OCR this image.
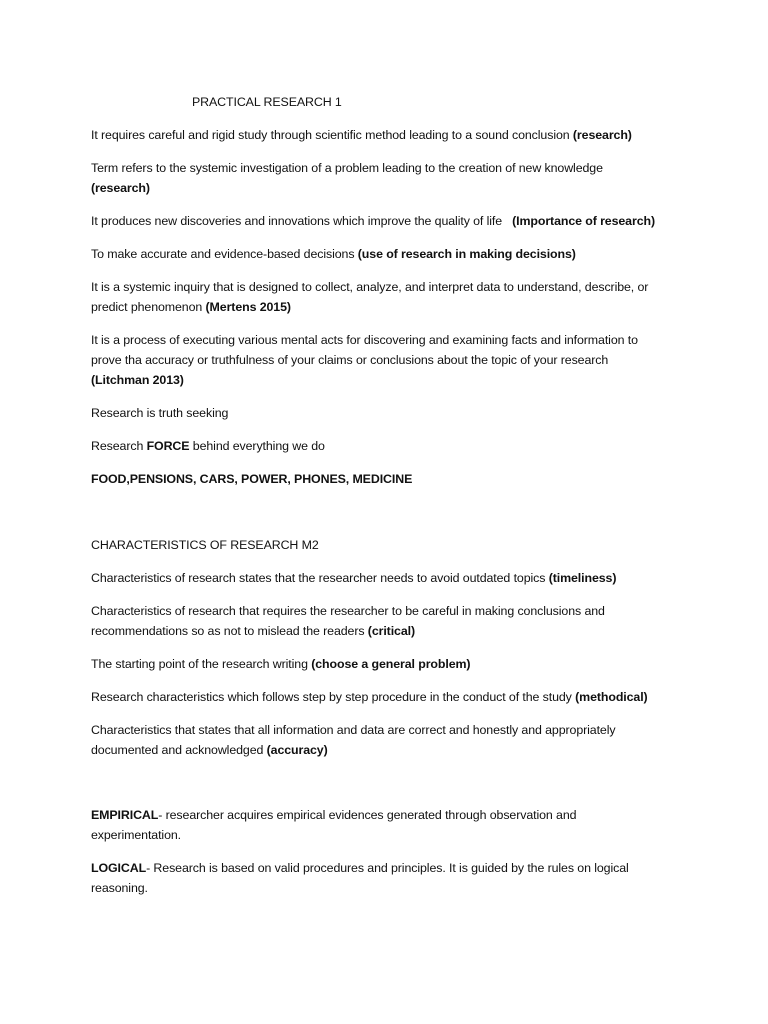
PRACTICAL RESEARCH 1
It requires careful and rigid study through scientific method leading to a sound conclusion (research)
Term refers to the systemic investigation of a problem leading to the creation of new knowledge
(research)
It produces new discoveries and innovations which improve the quality of life   (Importance of research)
To make accurate and evidence-based decisions (use of research in making decisions)
It is a systemic inquiry that is designed to collect, analyze, and interpret data to understand, describe, or
predict phenomenon (Mertens 2015)
It is a process of executing various mental acts for discovering and examining facts and information to
prove tha accuracy or truthfulness of your claims or conclusions about the topic of your research
(Litchman 2013)
Research is truth seeking
Research FORCE behind everything we do
FOOD,PENSIONS, CARS, POWER, PHONES, MEDICINE
CHARACTERISTICS OF RESEARCH M2
Characteristics of research states that the researcher needs to avoid outdated topics (timeliness)
Characteristics of research that requires the researcher to be careful in making conclusions and
recommendations so as not to mislead the readers (critical)
The starting point of the research writing (choose a general problem)
Research characteristics which follows step by step procedure in the conduct of the study (methodical)
Characteristics that states that all information and data are correct and honestly and appropriately
documented and acknowledged (accuracy)
EMPIRICAL- researcher acquires empirical evidences generated through observation and
experimentation.
LOGICAL- Research is based on valid procedures and principles. It is guided by the rules on logical
reasoning.
